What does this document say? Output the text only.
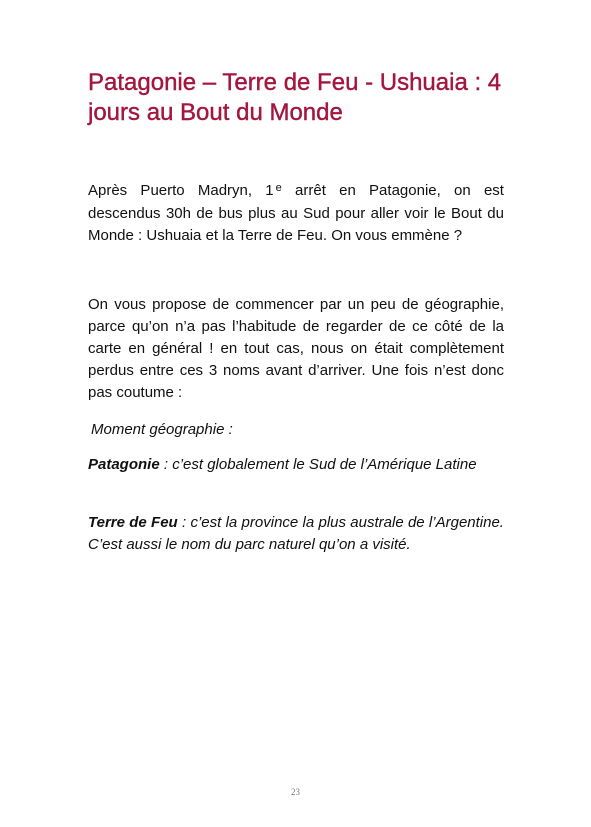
Patagonie – Terre de Feu - Ushuaia : 4 jours au Bout du Monde

Après Puerto Madryn, 1 $^e$ arrêt en Patagonie, on est descendus 30h de bus plus au Sud pour aller voir le Bout du Monde : Ushuaia et la Terre de Feu. On vous emmène ?

On vous propose de commencer par un peu de géographie, parce qu’on n’a pas l’habitude de regarder de ce côté de la carte en général ! en tout cas, nous on était complètement perdus entre ces 3 noms avant d’arriver. Une fois n’est donc pas coutume :

Moment géographie :

Patagonie : c’est globalement le Sud de l’Amérique Latine

Terre de Feu : c’est la province la plus australe de l’Argentine. C’est aussi le nom du parc naturel qu’on a visité.

23
